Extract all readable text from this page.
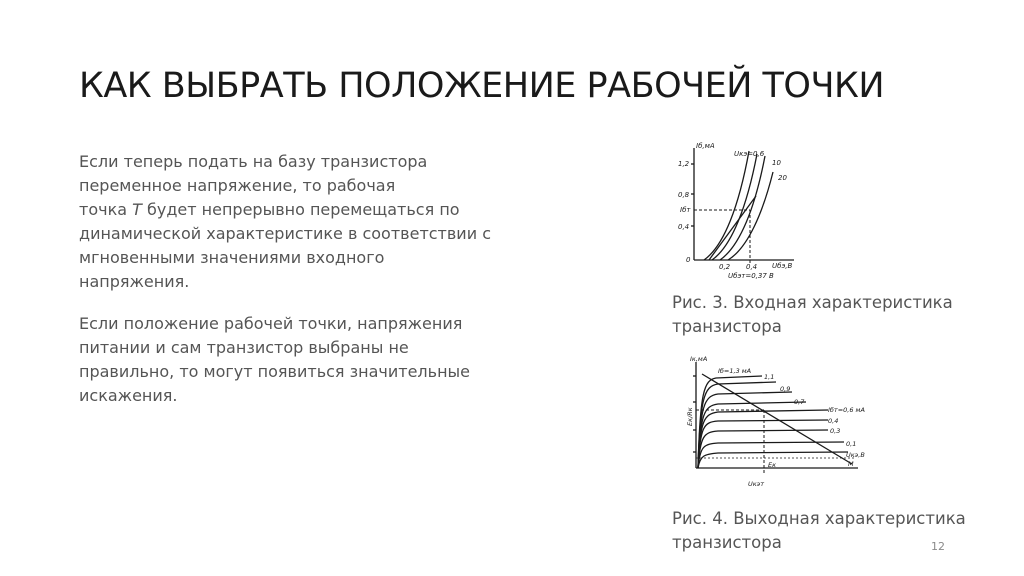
КАК ВЫБРАТЬ ПОЛОЖЕНИЕ РАБОЧЕЙ ТОЧКИ

Если теперь подать на базу транзистора
переменное напряжение, то рабочая
точка Т будет непрерывно перемещаться по
динамической характеристике в соответствии с
мгновенными значениями входного
напряжения.

Если положение рабочей точки, напряжения
питании и сам транзистор выбраны не
правильно, то могут появиться значительные
искажения.

Iб,мА
Uкэ=0,6
10
20
1,2
0,8
Iбт
0,4
0
0,2 0,4 Uбэ,В
Uбэт=0,37 В
Рис. 3. Входная характеристика
транзистора
Iк,мА
Eк/Rк
Iб=1,3 мА
1,1
0,9
0,7
Iбт=0,6 мА
0,4
0,3
0,1
Uкэ,В
M
Eк
Uкэт
Рис. 4. Выходная характеристика
транзистора	12
